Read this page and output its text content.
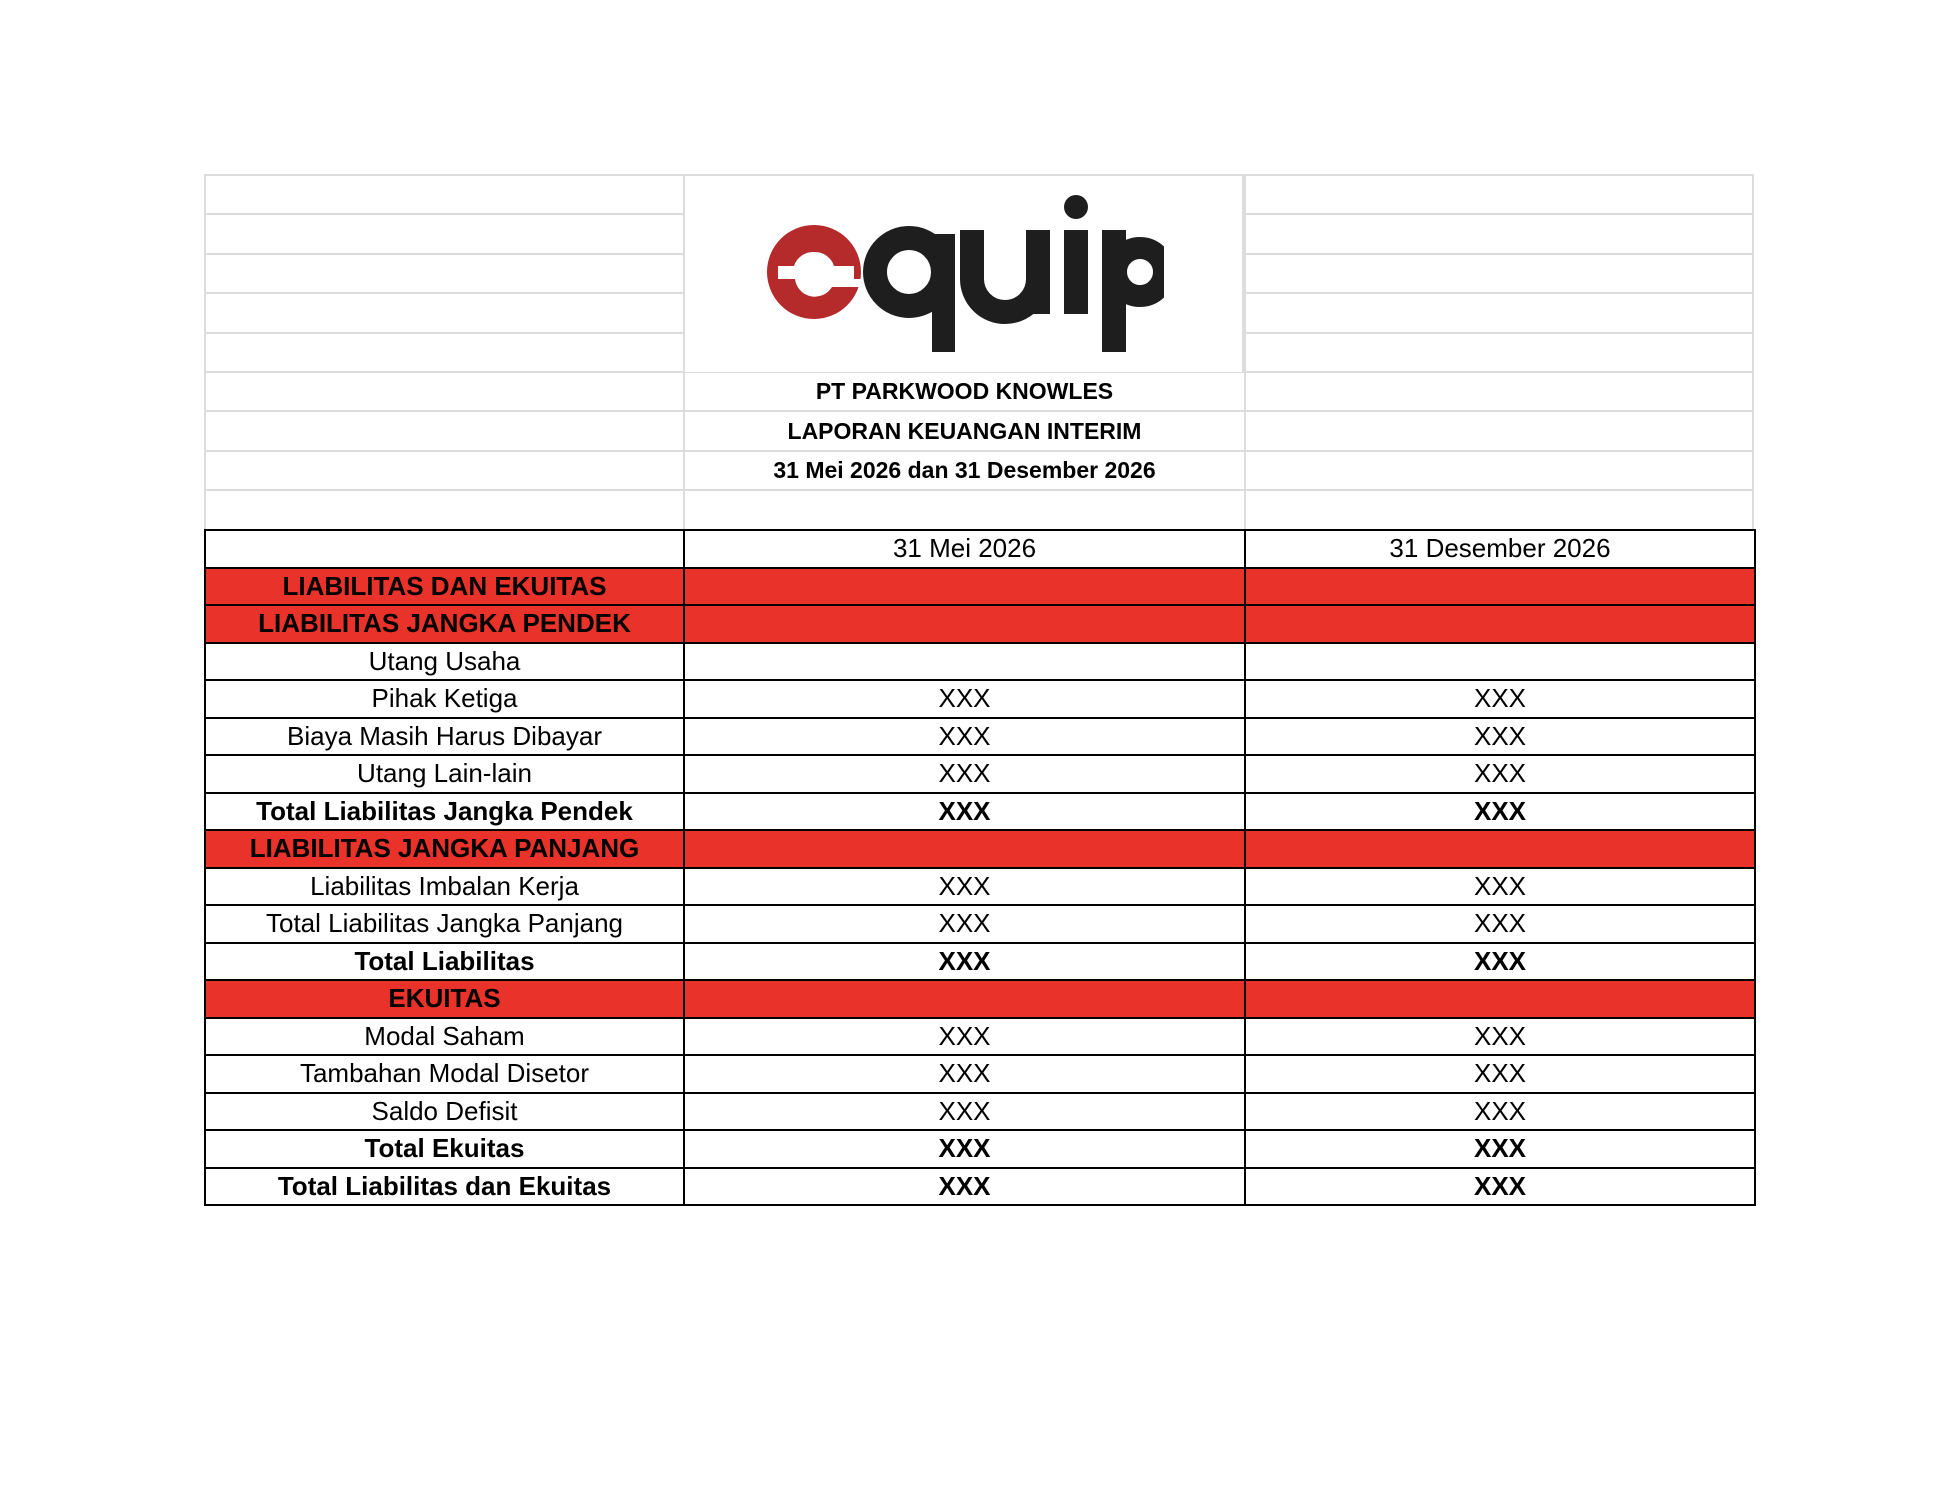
PT PARKWOOD KNOWLES
LAPORAN KEUANGAN INTERIM
31 Mei 2026 dan 31 Desember 2026
	31 Mei 2026	31 Desember 2026
LIABILITAS DAN EKUITAS		
LIABILITAS JANGKA PENDEK		
Utang Usaha		
Pihak Ketiga	XXX	XXX
Biaya Masih Harus Dibayar	XXX	XXX
Utang Lain-lain	XXX	XXX
Total Liabilitas Jangka Pendek	XXX	XXX
LIABILITAS JANGKA PANJANG		
Liabilitas Imbalan Kerja	XXX	XXX
Total Liabilitas Jangka Panjang	XXX	XXX
Total Liabilitas	XXX	XXX
EKUITAS		
Modal Saham	XXX	XXX
Tambahan Modal Disetor	XXX	XXX
Saldo Defisit	XXX	XXX
Total Ekuitas	XXX	XXX
Total Liabilitas dan Ekuitas	XXX	XXX
